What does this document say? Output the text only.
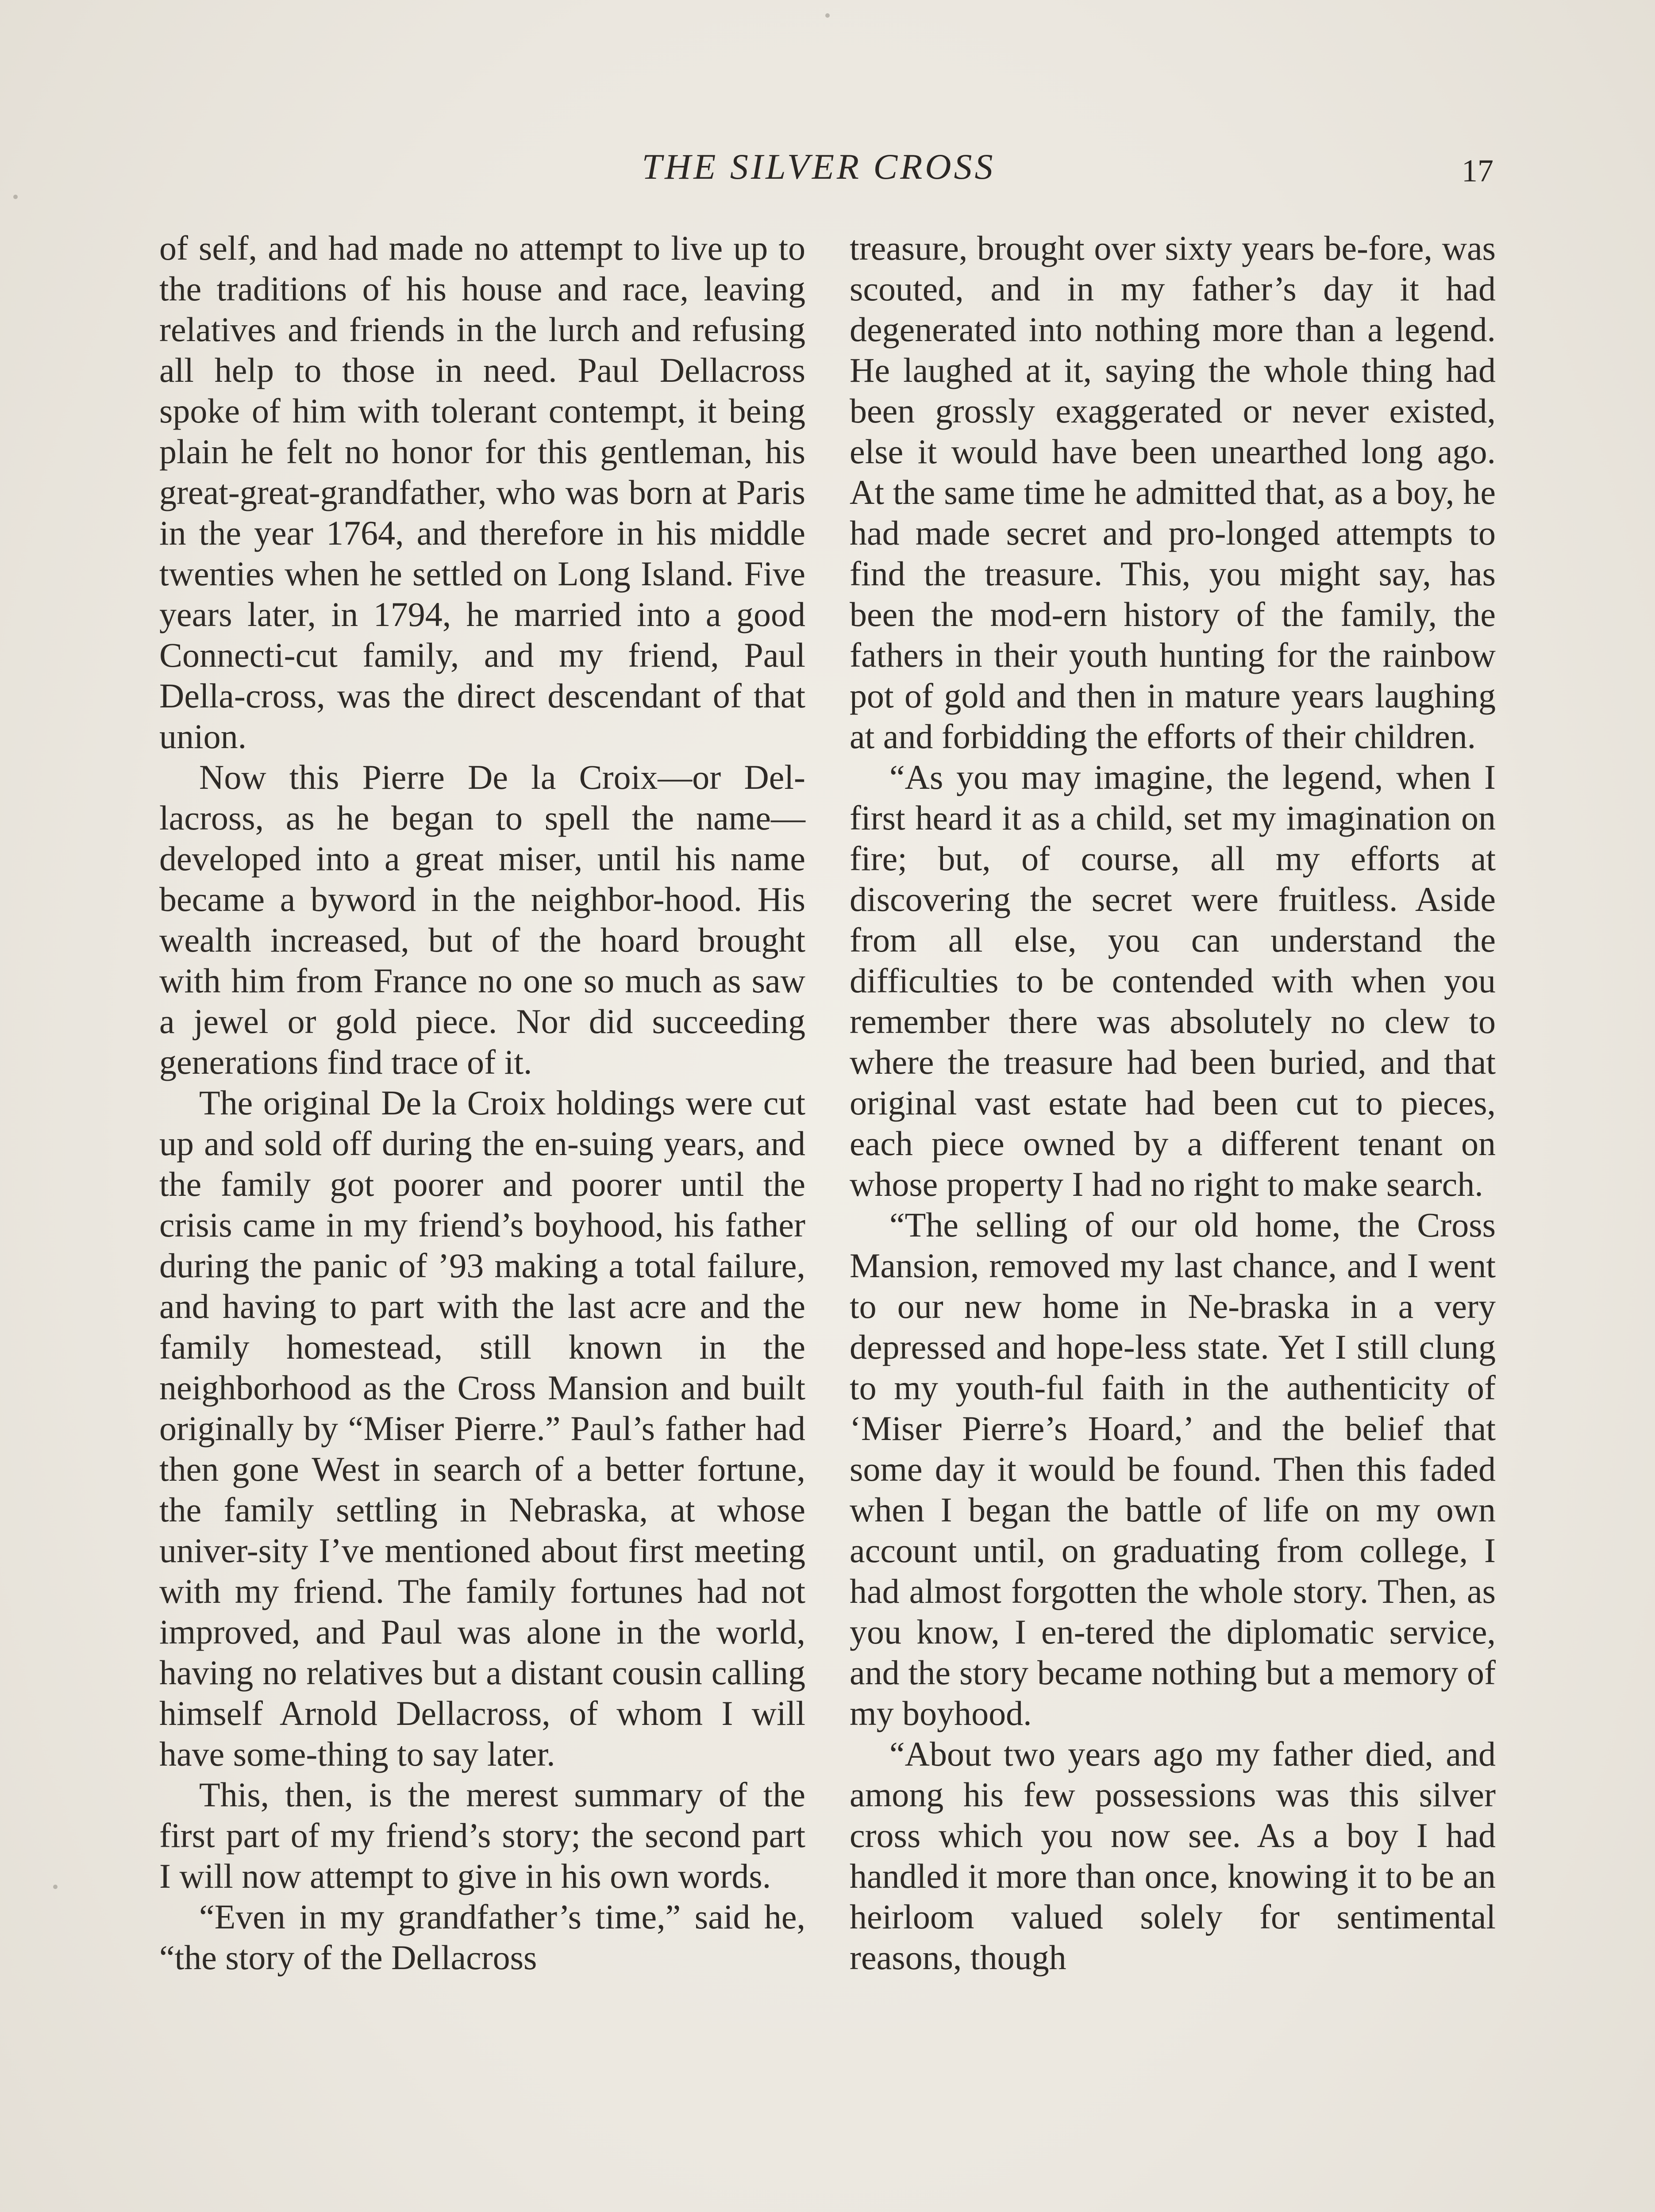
THE SILVER CROSS	17

of self, and had made no attempt to live up to the traditions of his house and race, leaving relatives and friends in the lurch and refusing all help to those in need. Paul Dellacross spoke of him with tolerant contempt, it being plain he felt no honor for this gentleman, his great-great-grandfather, who was born at Paris in the year 1764, and therefore in his middle twenties when he settled on Long Island. Five years later, in 1794, he married into a good Connecti-cut family, and my friend, Paul Della-cross, was the direct descendant of that union.

Now this Pierre De la Croix—or Del-lacross, as he began to spell the name—developed into a great miser, until his name became a byword in the neighbor-hood. His wealth increased, but of the hoard brought with him from France no one so much as saw a jewel or gold piece. Nor did succeeding generations find trace of it.

The original De la Croix holdings were cut up and sold off during the en-suing years, and the family got poorer and poorer until the crisis came in my friend’s boyhood, his father during the panic of ’93 making a total failure, and having to part with the last acre and the family homestead, still known in the neighborhood as the Cross Mansion and built originally by “Miser Pierre.” Paul’s father had then gone West in search of a better fortune, the family settling in Nebraska, at whose univer-sity I’ve mentioned about first meeting with my friend. The family fortunes had not improved, and Paul was alone in the world, having no relatives but a distant cousin calling himself Arnold Dellacross, of whom I will have some-thing to say later.

This, then, is the merest summary of the first part of my friend’s story; the second part I will now attempt to give in his own words.

“Even in my grandfather’s time,” said he, “the story of the Dellacross

treasure, brought over sixty years be-fore, was scouted, and in my father’s day it had degenerated into nothing more than a legend. He laughed at it, saying the whole thing had been grossly exaggerated or never existed, else it would have been unearthed long ago. At the same time he admitted that, as a boy, he had made secret and pro-longed attempts to find the treasure. This, you might say, has been the mod-ern history of the family, the fathers in their youth hunting for the rainbow pot of gold and then in mature years laughing at and forbidding the efforts of their children.

“As you may imagine, the legend, when I first heard it as a child, set my imagination on fire; but, of course, all my efforts at discovering the secret were fruitless. Aside from all else, you can understand the difficulties to be contended with when you remember there was absolutely no clew to where the treasure had been buried, and that original vast estate had been cut to pieces, each piece owned by a different tenant on whose property I had no right to make search.

“The selling of our old home, the Cross Mansion, removed my last chance, and I went to our new home in Ne-braska in a very depressed and hope-less state. Yet I still clung to my youth-ful faith in the authenticity of ‘Miser Pierre’s Hoard,’ and the belief that some day it would be found. Then this faded when I began the battle of life on my own account until, on graduating from college, I had almost forgotten the whole story. Then, as you know, I en-tered the diplomatic service, and the story became nothing but a memory of my boyhood.

“About two years ago my father died, and among his few possessions was this silver cross which you now see. As a boy I had handled it more than once, knowing it to be an heirloom valued solely for sentimental reasons, though
